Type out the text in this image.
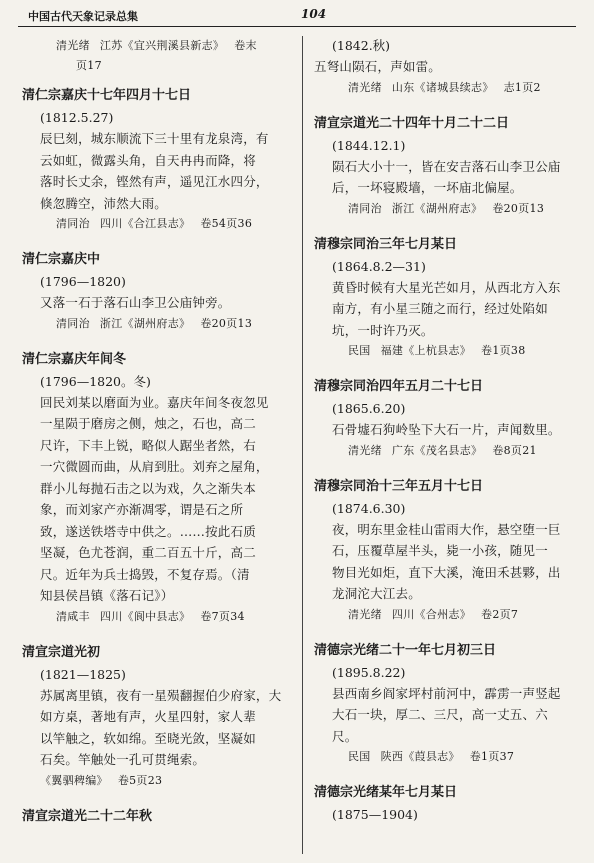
中国古代天象记录总集	104
清光绪 江苏《宜兴荆溪县新志》 卷末
页17
清仁宗嘉庆十七年四月十七日
(1812.5.27)
辰巳刻，城东顺流下三十里有龙泉湾，有
云如虹，微露头角，自天冉冉而降，将
落时长丈余，铿然有声，遥见江水四分，
倏忽腾空，沛然大雨。
清同治 四川《合江县志》 卷54页36
清仁宗嘉庆中
(1796—1820)
又落一石于落石山李卫公庙钟旁。
清同治 浙江《湖州府志》 卷20页13
清仁宗嘉庆年间冬
(1796—1820。冬)
回民刘某以磨面为业。嘉庆年间冬夜忽见
一星陨于磨房之侧，烛之，石也，高二
尺许，下丰上锐，略似人踞坐者然，右
一穴微圆而曲，从肩到肚。刘弃之屋角，
群小儿每抛石击之以为戏，久之渐失本
象，而刘家产亦渐凋零，谓是石之所
致，遂送铁塔寺中供之。……按此石质
坚凝，色尤苍润，重二百五十斤，高二
尺。近年为兵士捣毁，不复存焉。（清
知县侯昌镇《落石记》）
清咸丰 四川《阆中县志》 卷7页34
清宣宗道光初
(1821—1825)
苏属离里镇，夜有一星殒翻握伯少府家，大
如方桌，著地有声，火星四射，家人辈
以竿触之，软如绵。至晓光敛，坚凝如
石矣。竿触处一孔可贯绳索。
《翼驷稗编》 卷5页23
清宣宗道光二十二年秋
(1842.秋)
五弩山陨石，声如雷。
清光绪 山东《诸城县续志》 志1页2
清宣宗道光二十四年十月二十二日
(1844.12.1)
陨石大小十一，皆在安吉落石山李卫公庙
后，一坏寝殿墙，一坏庙北偏屋。
清同治 浙江《湖州府志》 卷20页13
清穆宗同治三年七月某日
(1864.8.2—31)
黄昏时候有大星光芒如月，从西北方入东
南方，有小星三随之而行，经过处陷如
坑，一时许乃灭。
民国 福建《上杭县志》 卷1页38
清穆宗同治四年五月二十七日
(1865.6.20)
石骨墟石狗岭坠下大石一片，声闻数里。
清光绪 广东《茂名县志》 卷8页21
清穆宗同治十三年五月十七日
(1874.6.30)
夜，明东里金桂山雷雨大作，悬空堕一巨
石，压覆草屋半头，毙一小孩，随见一
物目光如炬，直下大溪，淹田禾甚夥，出
龙洞沱大江去。
清光绪 四川《合州志》 卷2页7
清德宗光绪二十一年七月初三日
(1895.8.22)
县西南乡阎家坪村前河中，霹雳一声竖起
大石一块，厚二、三尺，高一丈五、六
尺。
民国 陕西《葭县志》 卷1页37
清德宗光绪某年七月某日
(1875—1904)
